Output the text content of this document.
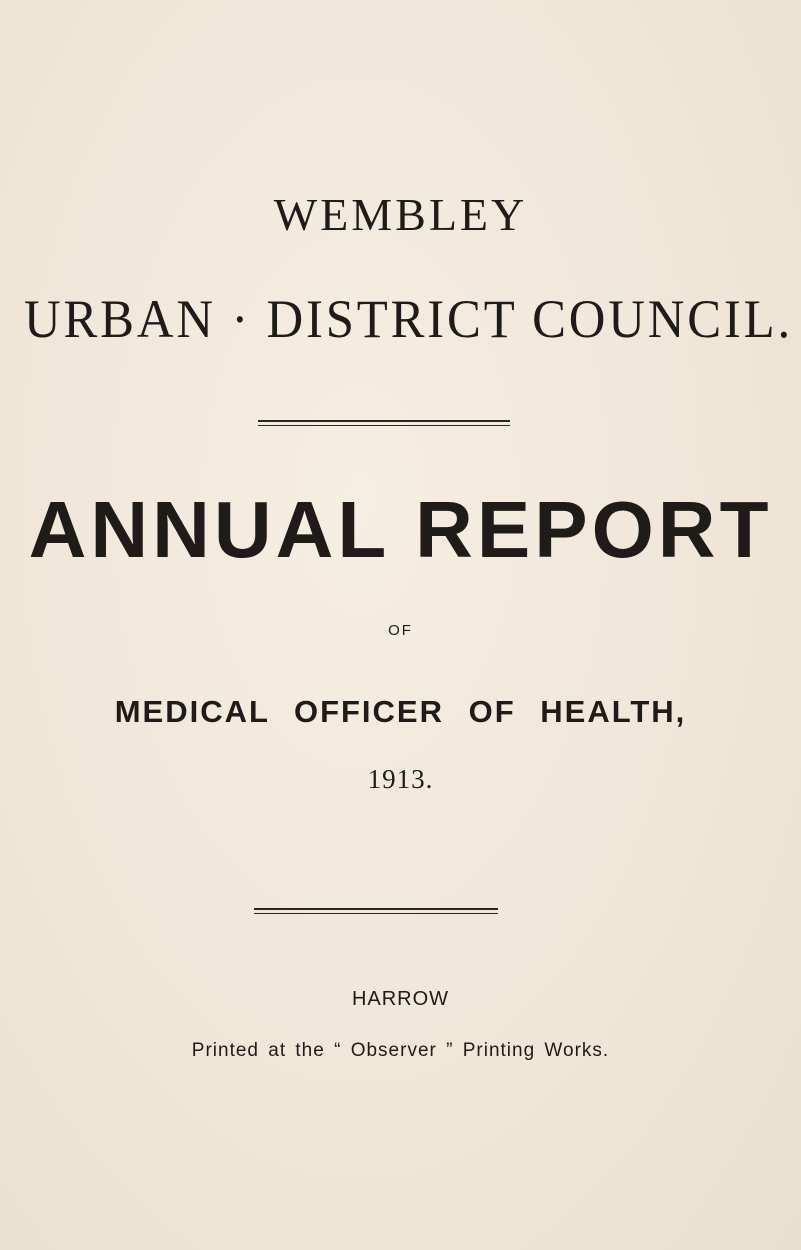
WEMBLEY
URBAN · DISTRICT COUNCIL.
ANNUAL REPORT
OF
MEDICAL OFFICER OF HEALTH,
1913.
HARROW
Printed at the “ Observer ” Printing Works.
